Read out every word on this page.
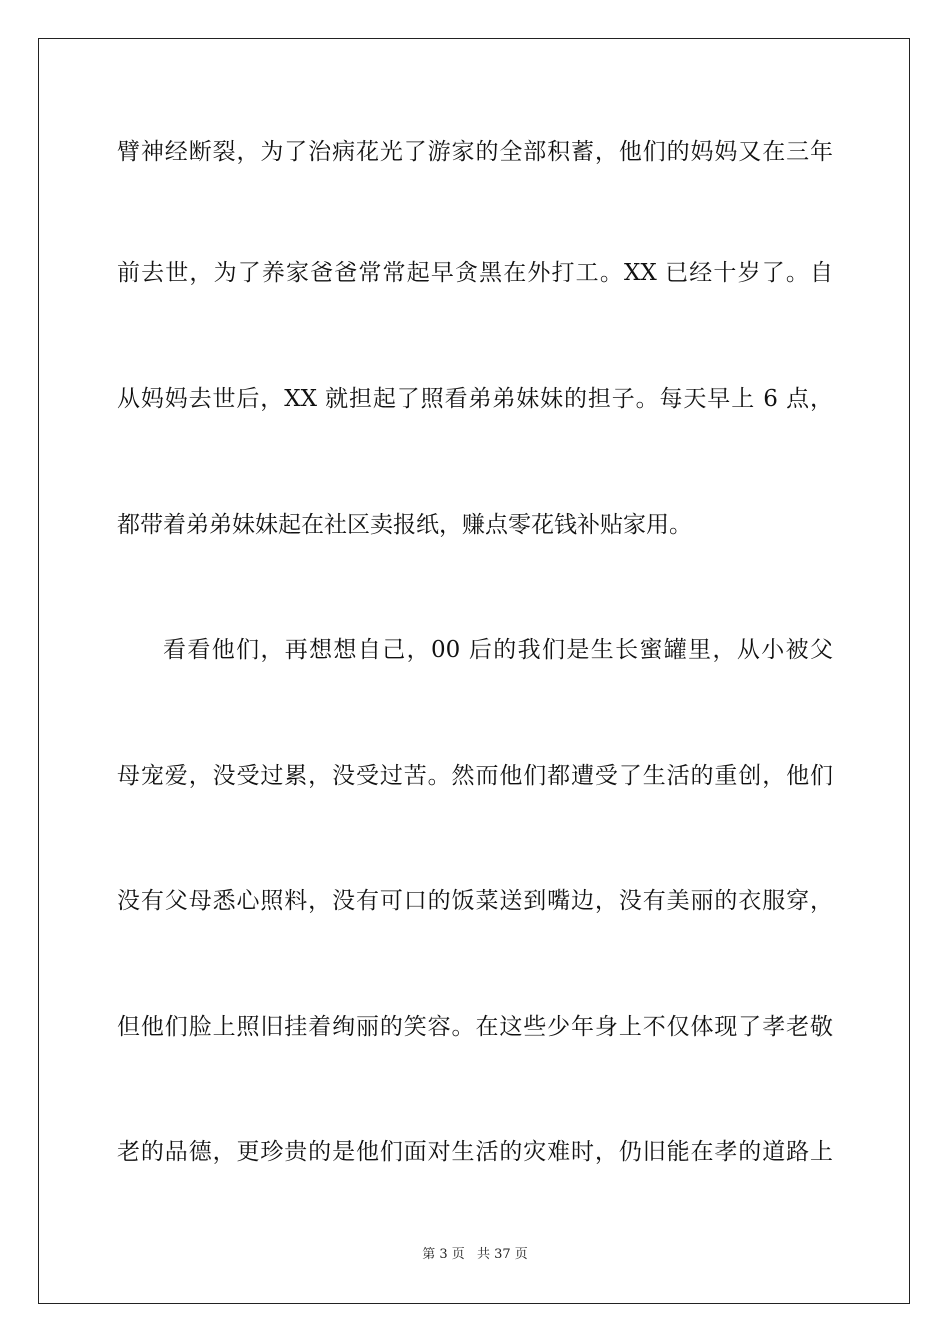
臂神经断裂，为了治病花光了游家的全部积蓄，他们的妈妈又在三年
前去世，为了养家爸爸常常起早贪黑在外打工。XX 已经十岁了。自
从妈妈去世后，XX 就担起了照看弟弟妹妹的担子。每天早上 6 点，
都带着弟弟妹妹起在社区卖报纸，赚点零花钱补贴家用。
看看他们，再想想自己，00 后的我们是生长蜜罐里，从小被父
母宠爱，没受过累，没受过苦。然而他们都遭受了生活的重创，他们
没有父母悉心照料，没有可口的饭菜送到嘴边，没有美丽的衣服穿，
但他们脸上照旧挂着绚丽的笑容。在这些少年身上不仅体现了孝老敬
老的品德，更珍贵的是他们面对生活的灾难时，仍旧能在孝的道路上
第 3 页 共 37 页
